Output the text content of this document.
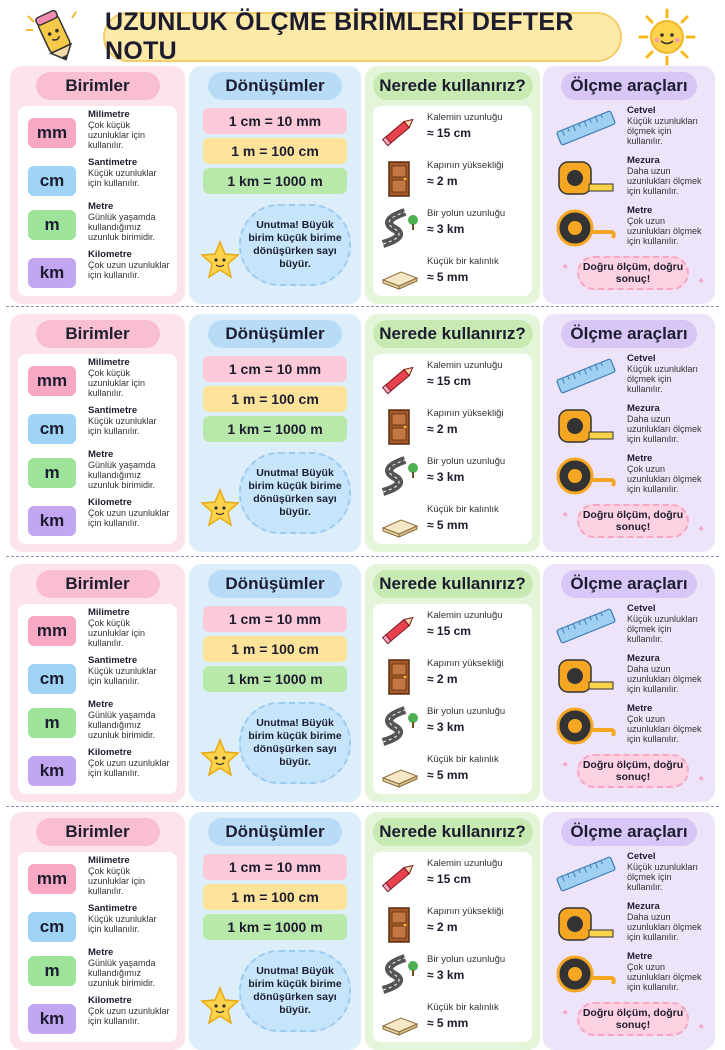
UZUNLUK ÖLÇME BİRİMLERİ DEFTER NOTU
Birimler
mm
Milimetre
Çok küçük uzunluklar için kullanılır.
cm
Santimetre
Küçük uzunluklar için kullanılır.
m
Metre
Günlük yaşamda kullandığımız uzunluk birimidir.
km
Kilometre
Çok uzun uzunluklar için kullanılır.
Dönüşümler
1 cm = 10 mm
1 m = 100 cm
1 km = 1000 m
Unutma! Büyük birim küçük birime dönüşürken sayı büyür.
Nerede kullanırız?
Kalemin uzunluğu
≈ 15 cm
Kapının yüksekliği
≈ 2 m
Bir yolun uzunluğu
≈ 3 km
Küçük bir kalınlık
≈ 5 mm
Ölçme araçları
Cetvel
Küçük uzunlukları ölçmek için kullanılır.
Mezura
Daha uzun uzunlukları ölçmek için kullanılır.
Metre
Çok uzun uzunlukları ölçmek için kullanılır.
Doğru ölçüm, doğru sonuç!
✦
✦
Birimler
mm
Milimetre
Çok küçük uzunluklar için kullanılır.
cm
Santimetre
Küçük uzunluklar için kullanılır.
m
Metre
Günlük yaşamda kullandığımız uzunluk birimidir.
km
Kilometre
Çok uzun uzunluklar için kullanılır.
Dönüşümler
1 cm = 10 mm
1 m = 100 cm
1 km = 1000 m
Unutma! Büyük birim küçük birime dönüşürken sayı büyür.
Nerede kullanırız?
Kalemin uzunluğu
≈ 15 cm
Kapının yüksekliği
≈ 2 m
Bir yolun uzunluğu
≈ 3 km
Küçük bir kalınlık
≈ 5 mm
Ölçme araçları
Cetvel
Küçük uzunlukları ölçmek için kullanılır.
Mezura
Daha uzun uzunlukları ölçmek için kullanılır.
Metre
Çok uzun uzunlukları ölçmek için kullanılır.
Doğru ölçüm, doğru sonuç!
✦
✦
Birimler
mm
Milimetre
Çok küçük uzunluklar için kullanılır.
cm
Santimetre
Küçük uzunluklar için kullanılır.
m
Metre
Günlük yaşamda kullandığımız uzunluk birimidir.
km
Kilometre
Çok uzun uzunluklar için kullanılır.
Dönüşümler
1 cm = 10 mm
1 m = 100 cm
1 km = 1000 m
Unutma! Büyük birim küçük birime dönüşürken sayı büyür.
Nerede kullanırız?
Kalemin uzunluğu
≈ 15 cm
Kapının yüksekliği
≈ 2 m
Bir yolun uzunluğu
≈ 3 km
Küçük bir kalınlık
≈ 5 mm
Ölçme araçları
Cetvel
Küçük uzunlukları ölçmek için kullanılır.
Mezura
Daha uzun uzunlukları ölçmek için kullanılır.
Metre
Çok uzun uzunlukları ölçmek için kullanılır.
Doğru ölçüm, doğru sonuç!
✦
✦
Birimler
mm
Milimetre
Çok küçük uzunluklar için kullanılır.
cm
Santimetre
Küçük uzunluklar için kullanılır.
m
Metre
Günlük yaşamda kullandığımız uzunluk birimidir.
km
Kilometre
Çok uzun uzunluklar için kullanılır.
Dönüşümler
1 cm = 10 mm
1 m = 100 cm
1 km = 1000 m
Unutma! Büyük birim küçük birime dönüşürken sayı büyür.
Nerede kullanırız?
Kalemin uzunluğu
≈ 15 cm
Kapının yüksekliği
≈ 2 m
Bir yolun uzunluğu
≈ 3 km
Küçük bir kalınlık
≈ 5 mm
Ölçme araçları
Cetvel
Küçük uzunlukları ölçmek için kullanılır.
Mezura
Daha uzun uzunlukları ölçmek için kullanılır.
Metre
Çok uzun uzunlukları ölçmek için kullanılır.
Doğru ölçüm, doğru sonuç!
✦
✦
